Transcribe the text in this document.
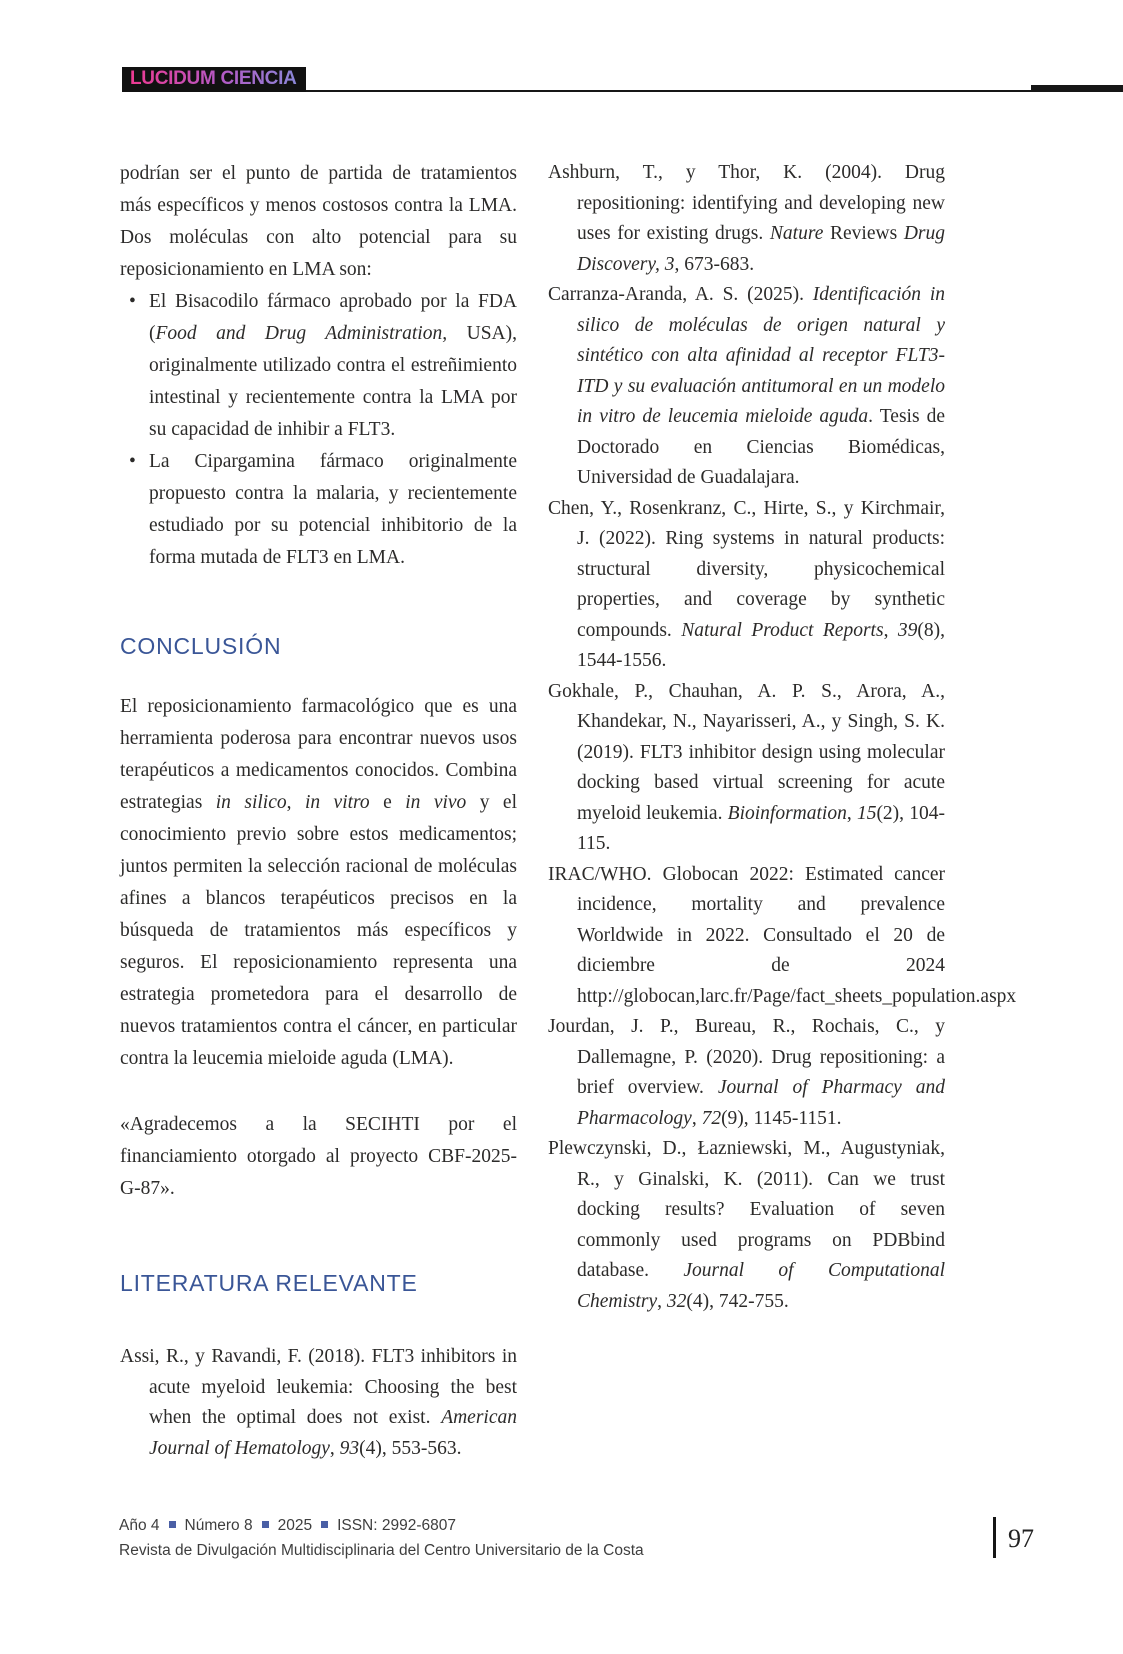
LUCIDUM CIENCIA

podrían ser el punto de partida de tratamientos más específicos y menos costosos contra la LMA. Dos moléculas con alto potencial para su reposicionamiento en LMA son:

• El Bisacodilo fármaco aprobado por la FDA (Food and Drug Administration, USA), originalmente utilizado contra el estreñimiento intestinal y recientemente contra la LMA por su capacidad de inhibir a FLT3.
• La Cipargamina fármaco originalmente propuesto contra la malaria, y recientemente estudiado por su potencial inhibitorio de la forma mutada de FLT3 en LMA.
CONCLUSIÓN

El reposicionamiento farmacológico que es una herramienta poderosa para encontrar nuevos usos terapéuticos a medicamentos conocidos. Combina estrategias in silico, in vitro e in vivo y el conocimiento previo sobre estos medicamentos; juntos permiten la selección racional de moléculas afines a blancos terapéuticos precisos en la búsqueda de tratamientos más específicos y seguros. El reposicionamiento representa una estrategia prometedora para el desarrollo de nuevos tratamientos contra el cáncer, en particular contra la leucemia mieloide aguda (LMA).

«Agradecemos a la SECIHTI por el financiamiento otorgado al proyecto CBF-2025-G-87».

LITERATURA RELEVANTE

Assi, R., y Ravandi, F. (2018). FLT3 inhibitors in acute myeloid leukemia: Choosing the best when the optimal does not exist. American Journal of Hematology, 93(4), 553-563.

Ashburn, T., y Thor, K. (2004). Drug repositioning: identifying and developing new uses for existing drugs. Nature Reviews Drug Discovery, 3, 673-683.

Carranza-Aranda, A. S. (2025). Identificación in silico de moléculas de origen natural y sintético con alta afinidad al receptor FLT3-ITD y su evaluación antitumoral en un modelo in vitro de leucemia mieloide aguda. Tesis de Doctorado en Ciencias Biomédicas, Universidad de Guadalajara.

Chen, Y., Rosenkranz, C., Hirte, S., y Kirchmair, J. (2022). Ring systems in natural products: structural diversity, physicochemical properties, and coverage by synthetic compounds. Natural Product Reports, 39(8), 1544-1556.

Gokhale, P., Chauhan, A. P. S., Arora, A., Khandekar, N., Nayarisseri, A., y Singh, S. K. (2019). FLT3 inhibitor design using molecular docking based virtual screening for acute myeloid leukemia. Bioinformation, 15(2), 104-115.

IRAC/WHO. Globocan 2022: Estimated cancer incidence, mortality and prevalence Worldwide in 2022. Consultado el 20 de diciembre de 2024 http://globocan,larc.fr/Page/fact_sheets_population.aspx

Jourdan, J. P., Bureau, R., Rochais, C., y Dallemagne, P. (2020). Drug repositioning: a brief overview. Journal of Pharmacy and Pharmacology, 72(9), 1145-1151.

Plewczynski, D., Łazniewski, M., Augustyniak, R., y Ginalski, K. (2011). Can we trust docking results? Evaluation of seven commonly used programs on PDBbind database. Journal of Computational Chemistry, 32(4), 742-755.

Año 4 Número 8 2025 ISSN: 2992-6807
Revista de Divulgación Multidisciplinaria del Centro Universitario de la Costa	97
